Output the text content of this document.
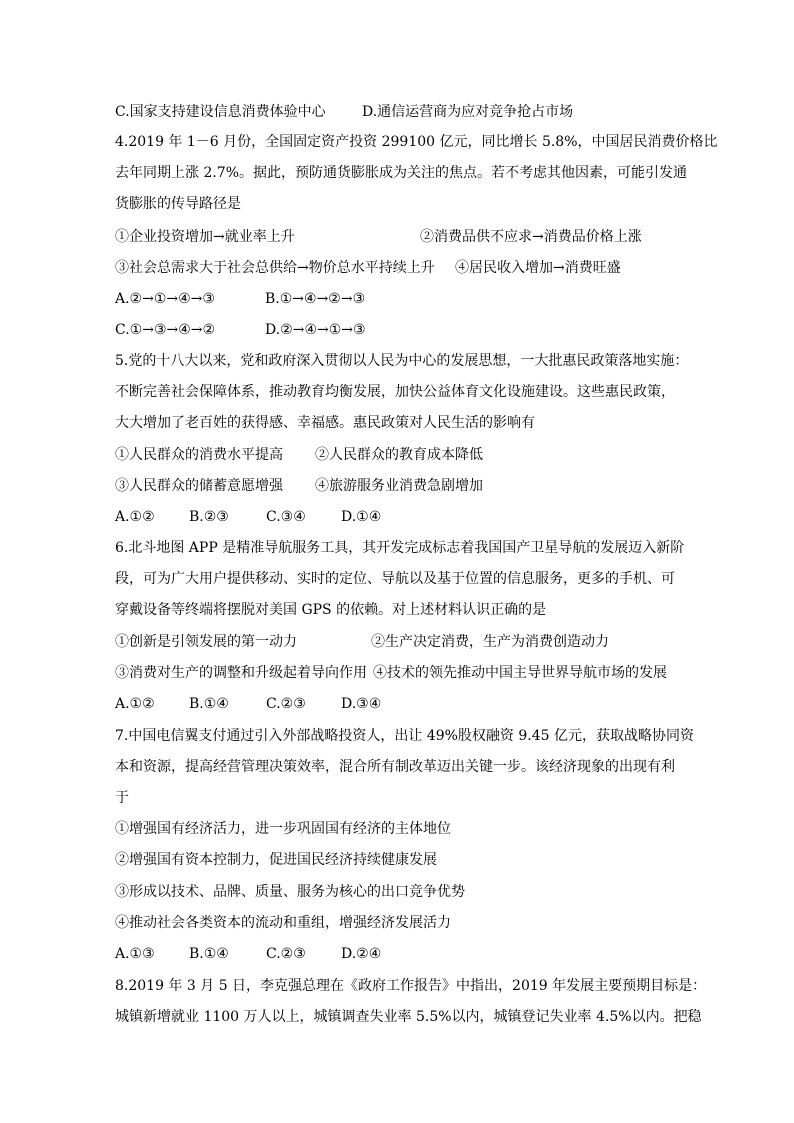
C.国家支持建设信息消费体验中心	D.通信运营商为应对竞争抢占市场
4.2019 年 1－6 月份，全国固定资产投资 299100 亿元，同比增长 5.8%，中国居民消费价格比
去年同期上涨 2.7%。据此，预防通货膨胀成为关注的焦点。若不考虑其他因素，可能引发通
货膨胀的传导路径是
①企业投资增加→就业率上升	②消费品供不应求→消费品价格上涨
③社会总需求大于社会总供给→物价总水平持续上升 ④居民收入增加→消费旺盛
A.②→①→④→③	B.①→④→②→③
C.①→③→④→②	D.②→④→①→③
5.党的十八大以来，党和政府深入贯彻以人民为中心的发展思想，一大批惠民政策落地实施：
不断完善社会保障体系，推动教育均衡发展，加快公益体育文化设施建设。这些惠民政策，
大大增加了老百姓的获得感、幸福感。惠民政策对人民生活的影响有
①人民群众的消费水平提高 ②人民群众的教育成本降低
③人民群众的储蓄意愿增强 ④旅游服务业消费急剧增加
A.①② B.②③	C.③④	D.①④
6.北斗地图 APP 是精准导航服务工具，其开发完成标志着我国国产卫星导航的发展迈入新阶
段，可为广大用户提供移动、实时的定位、导航以及基于位置的信息服务，更多的手机、可
穿戴设备等终端将摆脱对美国 GPS 的依赖。对上述材料认识正确的是
①创新是引领发展的第一动力	②生产决定消费，生产为消费创造动力
③消费对生产的调整和升级起着导向作用 ④技术的领先推动中国主导世界导航市场的发展
A.①② B.①④	C.②③	D.③④
7.中国电信翼支付通过引入外部战略投资人，出让 49%股权融资 9.45 亿元，获取战略协同资
本和资源，提高经营管理决策效率，混合所有制改革迈出关键一步。该经济现象的出现有利
于
①增强国有经济活力，进一步巩固国有经济的主体地位
②增强国有资本控制力，促进国民经济持续健康发展
③形成以技术、品牌、质量、服务为核心的出口竞争优势
④推动社会各类资本的流动和重组，增强经济发展活力
A.①③ B.①④	C.②③	D.②④
8.2019 年 3 月 5 日，李克强总理在《政府工作报告》中指出，2019 年发展主要预期目标是：
城镇新增就业 1100 万人以上，城镇调查失业率 5.5%以内，城镇登记失业率 4.5%以内。把稳
